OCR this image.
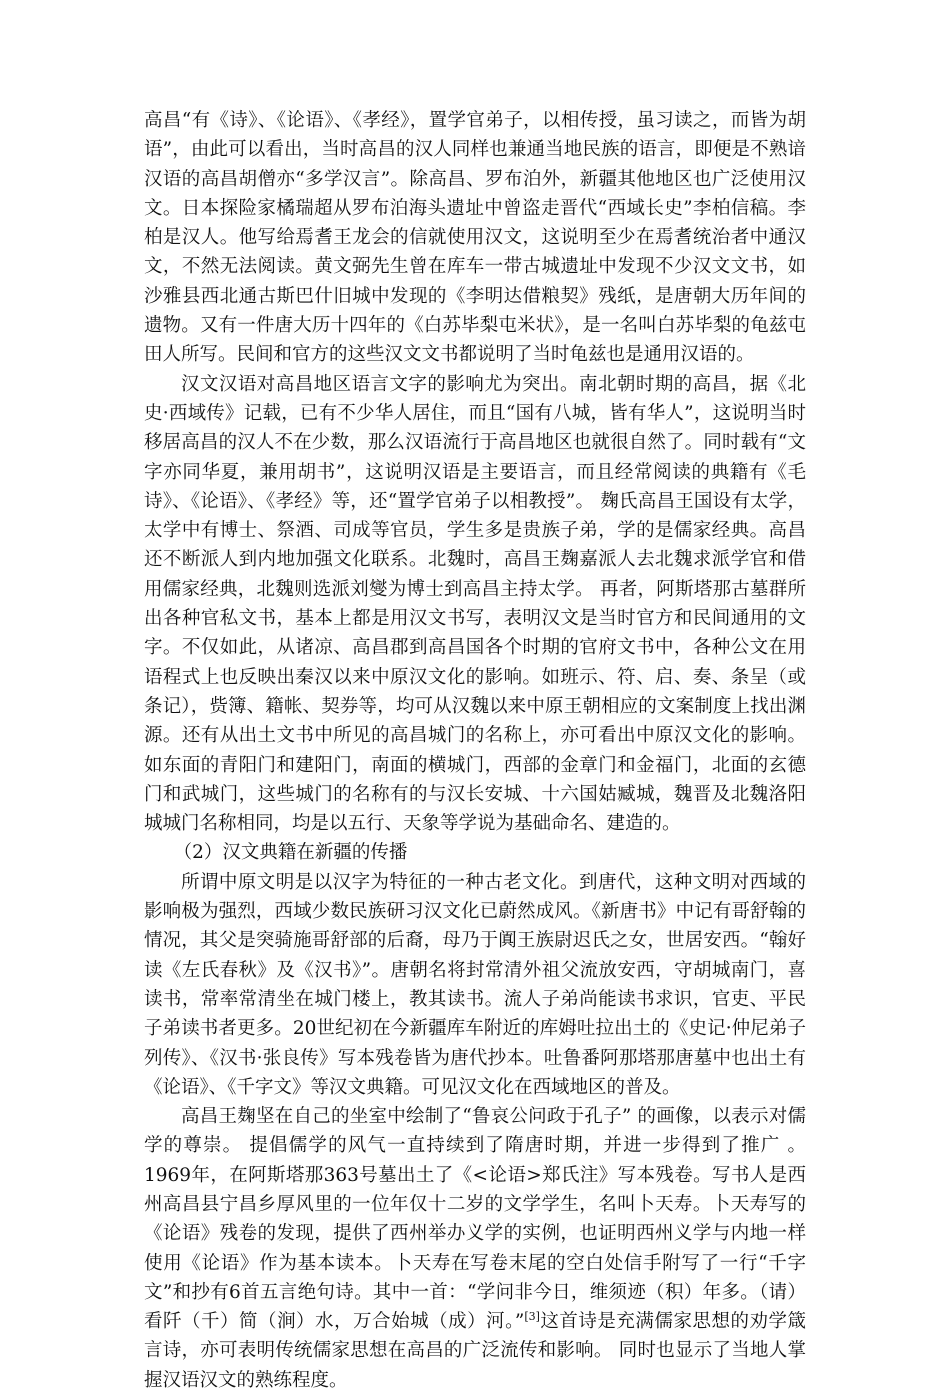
高昌“有《诗》、《论语》、《孝经》，置学官弟子，以相传授，虽习读之，而皆为胡语”，由此可以看出，当时高昌的汉人同样也兼通当地民族的语言，即便是不熟谙汉语的高昌胡僧亦“多学汉言”。除高昌、罗布泊外，新疆其他地区也广泛使用汉文。日本探险家橘瑞超从罗布泊海头遗址中曾盗走晋代“西域长史”李柏信稿。李柏是汉人。他写给焉耆王龙会的信就使用汉文，这说明至少在焉耆统治者中通汉文，不然无法阅读。黄文弼先生曾在库车一带古城遗址中发现不少汉文文书，如沙雅县西北通古斯巴什旧城中发现的《李明达借粮契》残纸，是唐朝大历年间的遗物。又有一件唐大历十四年的《白苏毕梨屯米状》，是一名叫白苏毕梨的龟兹屯田人所写。民间和官方的这些汉文文书都说明了当时龟兹也是通用汉语的。

汉文汉语对高昌地区语言文字的影响尤为突出。南北朝时期的高昌，据《北史·西域传》记载，已有不少华人居住，而且“国有八城，皆有华人”，这说明当时移居高昌的汉人不在少数，那么汉语流行于高昌地区也就很自然了。同时载有“文字亦同华夏，兼用胡书”，这说明汉语是主要语言，而且经常阅读的典籍有《毛诗》、《论语》、《孝经》等，还“置学官弟子以相教授”。 麹氏高昌王国设有太学，太学中有博士、祭酒、司成等官员，学生多是贵族子弟，学的是儒家经典。高昌还不断派人到内地加强文化联系。北魏时，高昌王麹嘉派人去北魏求派学官和借用儒家经典，北魏则选派刘燮为博士到高昌主持太学。 再者，阿斯塔那古墓群所出各种官私文书，基本上都是用汉文书写，表明汉文是当时官方和民间通用的文字。不仅如此，从诸凉、高昌郡到高昌国各个时期的官府文书中，各种公文在用语程式上也反映出秦汉以来中原汉文化的影响。如班示、符、启、奏、条呈（或条记），赀簿、籍帐、契券等，均可从汉魏以来中原王朝相应的文案制度上找出渊源。还有从出土文书中所见的高昌城门的名称上，亦可看出中原汉文化的影响。如东面的青阳门和建阳门，南面的横城门，西部的金章门和金福门，北面的玄德门和武城门，这些城门的名称有的与汉长安城、十六国姑臧城，魏晋及北魏洛阳城城门名称相同，均是以五行、天象等学说为基础命名、建造的。

（2）汉文典籍在新疆的传播

所谓中原文明是以汉字为特征的一种古老文化。到唐代，这种文明对西域的影响极为强烈，西域少数民族研习汉文化已蔚然成风。《新唐书》中记有哥舒翰的情况，其父是突骑施哥舒部的后裔，母乃于阗王族尉迟氏之女，世居安西。“翰好读《左氏春秋》及《汉书》”。唐朝名将封常清外祖父流放安西，守胡城南门，喜读书，常率常清坐在城门楼上，教其读书。流人子弟尚能读书求识，官吏、平民子弟读书者更多。20世纪初在今新疆库车附近的库姆吐拉出土的《史记·仲尼弟子列传》、《汉书·张良传》写本残卷皆为唐代抄本。吐鲁番阿那塔那唐墓中也出土有《论语》、《千字文》等汉文典籍。可见汉文化在西域地区的普及。

高昌王麹坚在自己的坐室中绘制了“鲁哀公问政于孔子” 的画像，以表示对儒学的尊崇。 提倡儒学的风气一直持续到了隋唐时期，并进一步得到了推广 。1969年，在阿斯塔那363号墓出土了《<论语>郑氏注》写本残卷。写书人是西州高昌县宁昌乡厚风里的一位年仅十二岁的文学学生，名叫卜天寿。卜天寿写的《论语》残卷的发现，提供了西州举办义学的实例，也证明西州义学与内地一样使用《论语》作为基本读本。卜天寿在写卷末尾的空白处信手附写了一行“千字文”和抄有6首五言绝句诗。其中一首：“学问非今日，维须迹（积）年多。（请）看阡（千）简（涧）水，万合始城（成）河。”[3]这首诗是充满儒家思想的劝学箴言诗，亦可表明传统儒家思想在高昌的广泛流传和影响。 同时也显示了当地人掌握汉语汉文的熟练程度。
